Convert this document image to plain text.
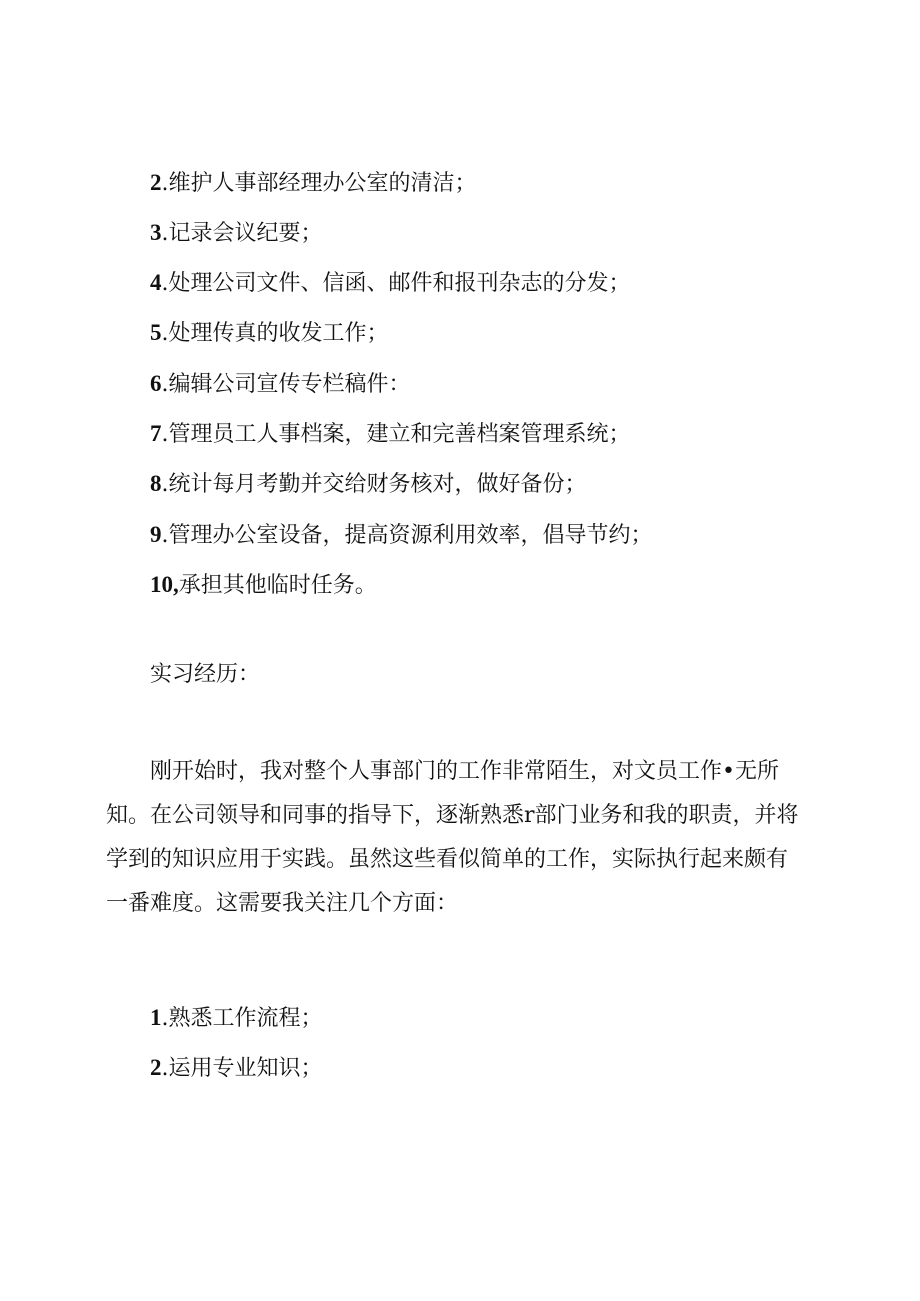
2.维护人事部经理办公室的清洁；
3.记录会议纪要；
4.处理公司文件、信函、邮件和报刊杂志的分发；
5.处理传真的收发工作；
6.编辑公司宣传专栏稿件：
7.管理员工人事档案，建立和完善档案管理系统；
8.统计每月考勤并交给财务核对，做好备份；
9.管理办公室设备，提高资源利用效率，倡导节约；
10,承担其他临时任务。
实习经历：
　　刚开始时，我对整个人事部门的工作非常陌生，对文员工作•无所
知。在公司领导和同事的指导下，逐渐熟悉r部门业务和我的职责，并将
学到的知识应用于实践。虽然这些看似简单的工作，实际执行起来颇有
一番难度。这需要我关注几个方面：
1.熟悉工作流程；
2.运用专业知识；
